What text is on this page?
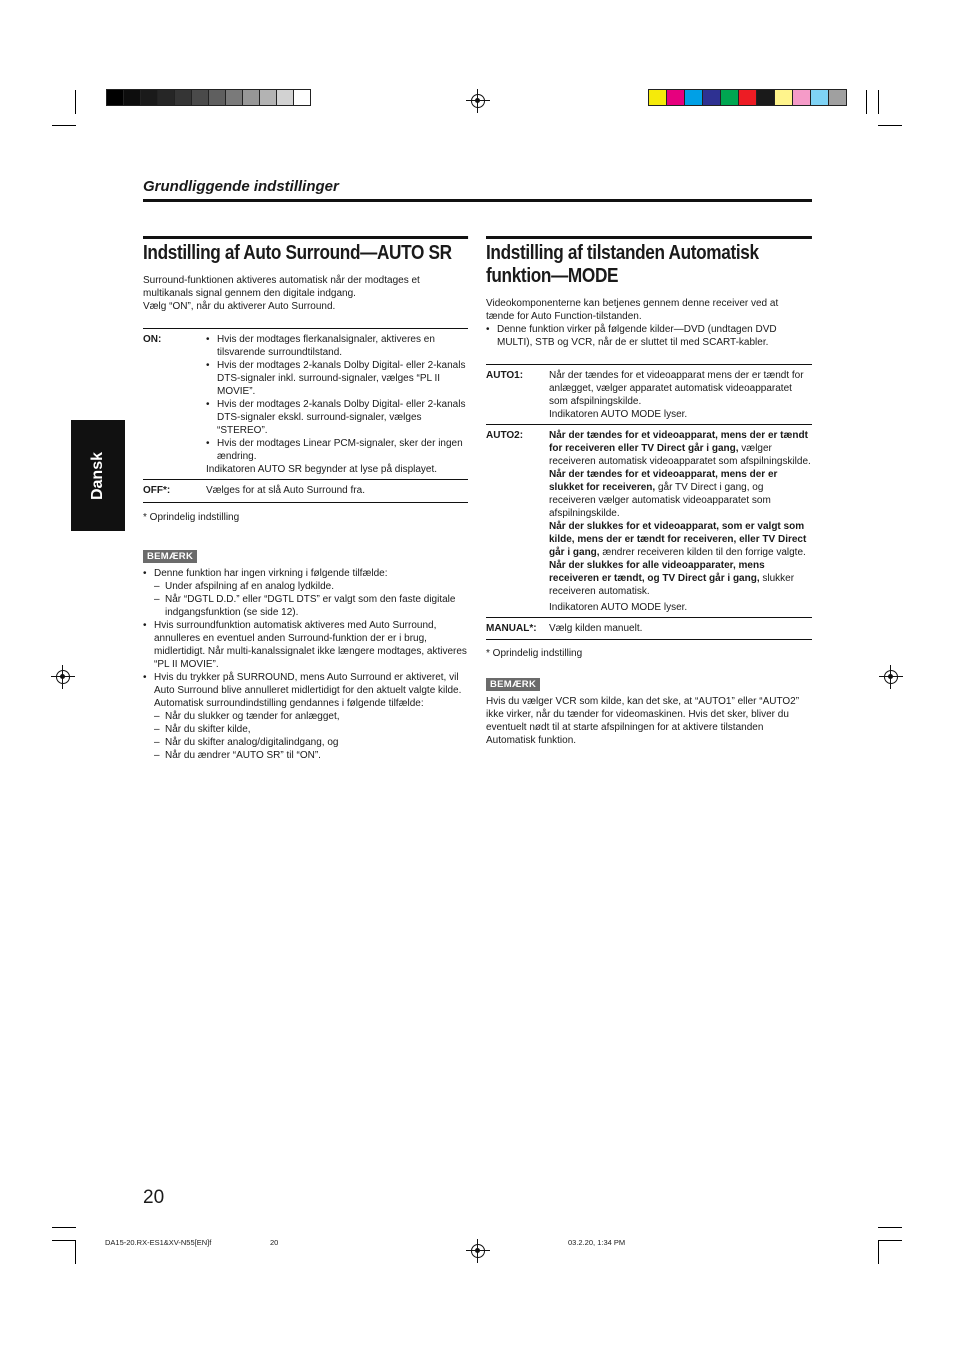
Grundliggende indstillinger
Dansk
Indstilling af Auto Surround—AUTO SR
Surround-funktionen aktiveres automatisk når der modtages et
multikanals signal gennem den digitale indgang.
Vælg “ON”, når du aktiverer Auto Surround.
ON:
•	Hvis der modtages flerkanalsignaler, aktiveres en tilsvarende surroundtilstand.
• Hvis der modtages 2-kanals Dolby Digital- eller 2-kanals DTS-signaler inkl. surround-signaler, vælges “PL II MOVIE”.
• Hvis der modtages 2-kanals Dolby Digital- eller 2-kanals DTS-signaler ekskl. surround-signaler, vælges “STEREO”.
• Hvis der modtages Linear PCM-signaler, sker der ingen ændring.
Indikatoren AUTO SR begynder at lyse på displayet.
OFF*:	Vælges for at slå Auto Surround fra.
* Oprindelig indstilling
BEMÆRK
• Denne funktion har ingen virkning i følgende tilfælde:
– Under afspilning af en analog lydkilde.
– Når “DGTL D.D.” eller “DGTL DTS” er valgt som den faste digitale indgangsfunktion (se side 12).
• Hvis surroundfunktion automatisk aktiveres med Auto Surround, annulleres en eventuel anden Surround-funktion der er i brug, midlertidigt. Når multi-kanalssignalet ikke længere modtages, aktiveres “PL II MOVIE”.
• Hvis du trykker på SURROUND, mens Auto Surround er aktiveret, vil Auto Surround blive annulleret midlertidigt for den aktuelt valgte kilde.
Automatisk surroundindstilling gendannes i følgende tilfælde:
– Når du slukker og tænder for anlægget,
– Når du skifter kilde,
– Når du skifter analog/digitalindgang, og
– Når du ændrer “AUTO SR” til “ON”.
Indstilling af tilstanden Automatisk
funktion—MODE
Videokomponenterne kan betjenes gennem denne receiver ved at
tænde for Auto Function-tilstanden.
• Denne funktion virker på følgende kilder—DVD (undtagen DVD MULTI), STB og VCR, når de er sluttet til med SCART-kabler.
AUTO1:	Når der tændes for et videoapparat mens der er tændt for anlægget, vælger apparatet automatisk videoapparatet som afspilningskilde.
Indikatoren AUTO MODE lyser.
AUTO2:	Når der tændes for et videoapparat, mens der er tændt for receiveren eller TV Direct går i gang, vælger receiveren automatisk videoapparatet som afspilningskilde.
Når der tændes for et videoapparat, mens der er slukket for receiveren, går TV Direct i gang, og receiveren vælger automatisk videoapparatet som afspilningskilde.
Når der slukkes for et videoapparat, som er valgt som kilde, mens der er tændt for receiveren, eller TV Direct går i gang, ændrer receiveren kilden til den forrige valgte.
Når der slukkes for alle videoapparater, mens receiveren er tændt, og TV Direct går i gang, slukker receiveren automatisk.
Indikatoren AUTO MODE lyser.
MANUAL*:	Vælg kilden manuelt.
* Oprindelig indstilling
BEMÆRK
Hvis du vælger VCR som kilde, kan det ske, at “AUTO1” eller “AUTO2” ikke virker, når du tænder for videomaskinen. Hvis det sker, bliver du eventuelt nødt til at starte afspilningen for at aktivere tilstanden Automatisk funktion.
20
DA15-20.RX-ES1&XV-N55[EN]f	20	03.2.20, 1:34 PM
